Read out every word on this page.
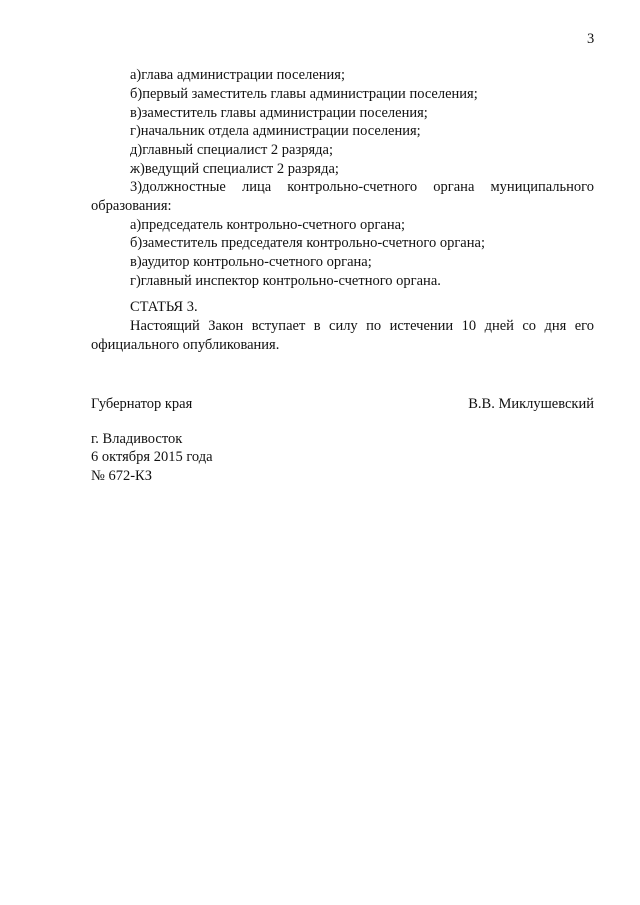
3
а)глава администрации поселения;
б)первый заместитель главы администрации поселения;
в)заместитель главы администрации поселения;
г)начальник отдела администрации поселения;
д)главный специалист 2 разряда;
ж)ведущий специалист 2 разряда;
3)должностные лица контрольно-счетного органа муниципального
образования:
а)председатель контрольно-счетного органа;
б)заместитель председателя контрольно-счетного органа;
в)аудитор контрольно-счетного органа;
г)главный инспектор контрольно-счетного органа.
СТАТЬЯ 3.
Настоящий Закон вступает в силу по истечении 10 дней со дня его
официального опубликования.
Губернатор края	В.В. Миклушевский
г. Владивосток
6 октября 2015 года
№ 672-КЗ
